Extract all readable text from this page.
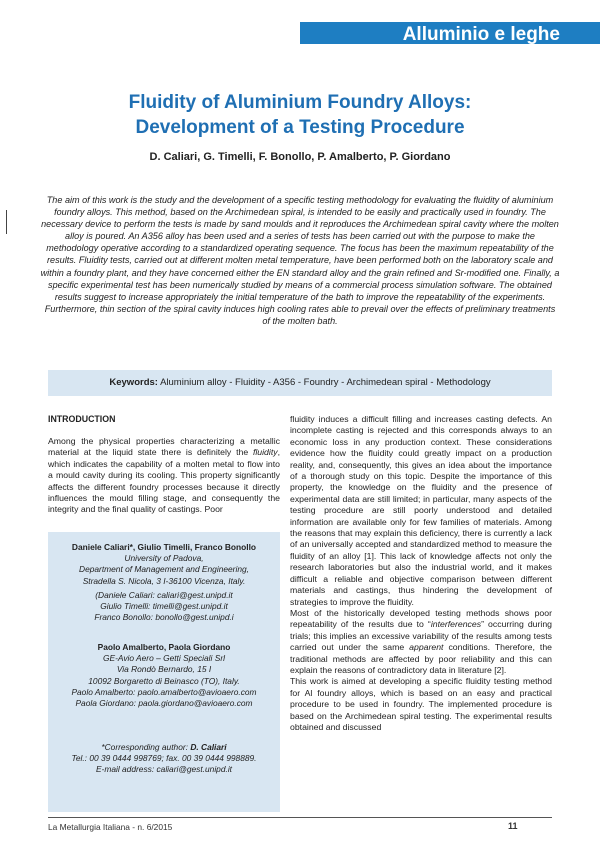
Alluminio e leghe
Fluidity of Aluminium Foundry Alloys:
Development of a Testing Procedure
D. Caliari, G. Timelli, F. Bonollo, P. Amalberto, P. Giordano
The aim of this work is the study and the development of a specific testing methodology for evaluating the fluidity of aluminium foundry alloys. This method, based on the Archimedean spiral, is intended to be easily and practically used in foundry. The necessary device to perform the tests is made by sand moulds and it reproduces the Archimedean spiral cavity where the molten alloy is poured. An A356 alloy has been used and a series of tests has been carried out with the purpose to make the methodology operative according to a standardized operating sequence. The focus has been the maximum repeatability of the results. Fluidity tests, carried out at different molten metal temperature, have been performed both on the laboratory scale and within a foundry plant, and they have concerned either the EN standard alloy and the grain refined and Sr-modified one. Finally, a specific experimental test has been numerically studied by means of a commercial process simulation software. The obtained results suggest to increase appropriately the initial temperature of the bath to improve the repeatability of the experiments. Furthermore, thin section of the spiral cavity induces high cooling rates able to prevail over the effects of preliminary treatments of the molten bath.
Keywords: Aluminium alloy - Fluidity - A356 - Foundry - Archimedean spiral - Methodology
INTRODUCTION

Among the physical properties characterizing a metallic material at the liquid state there is definitely the fluidity, which indicates the capability of a molten metal to flow into a mould cavity during its cooling. This property significantly affects the different foundry processes because it directly influences the mould filling stage, and consequently the integrity and the final quality of castings. Poor

Daniele Caliari*, Giulio Timelli, Franco Bonollo
University of Padova,
Department of Management and Engineering,
Stradella S. Nicola, 3 I-36100 Vicenza, Italy.
(Daniele Caliari: caliari@gest.unipd.it
Giulio Timelli: timelli@gest.unipd.it
Franco Bonollo: bonollo@gest.unipd.i
Paolo Amalberto, Paola Giordano
GE-Avio Aero – Getti Speciali Srl
Via Rondò Bernardo, 15 I
10092 Borgaretto di Beinasco (TO), Italy.
Paolo Amalberto: paolo.amalberto@avioaero.com
Paola Giordano: paola.giordano@avioaero.com
*Corresponding author: D. Caliari
Tel.: 00 39 0444 998769; fax. 00 39 0444 998889.
E-mail address: caliari@gest.unipd.it

fluidity induces a difficult filling and increases casting defects. An incomplete casting is rejected and this corresponds always to an economic loss in any production context. These considerations evidence how the fluidity could greatly impact on a production reality, and, consequently, this gives an idea about the importance of a thorough study on this topic. Despite the importance of this property, the knowledge on the fluidity and the presence of experimental data are still limited; in particular, many aspects of the testing procedure are still poorly understood and detailed information are available only for few families of materials. Among the reasons that may explain this deficiency, there is currently a lack of an universally accepted and standardized method to measure the fluidity of an alloy [1]. This lack of knowledge affects not only the research laboratories but also the industrial world, and it makes difficult a reliable and objective comparison between different materials and castings, thus hindering the development of strategies to improve the fluidity.

Most of the historically developed testing methods shows poor repeatability of the results due to “interferences” occurring during trials; this implies an excessive variability of the results among tests carried out under the same apparent conditions. Therefore, the traditional methods are affected by poor reliability and this can explain the reasons of contradictory data in literature [2].

This work is aimed at developing a specific fluidity testing method for Al foundry alloys, which is based on an easy and practical procedure to be used in foundry. The implemented procedure is based on the Archimedean spiral testing. The experimental results obtained and discussed

La Metallurgia Italiana - n. 6/2015	11
